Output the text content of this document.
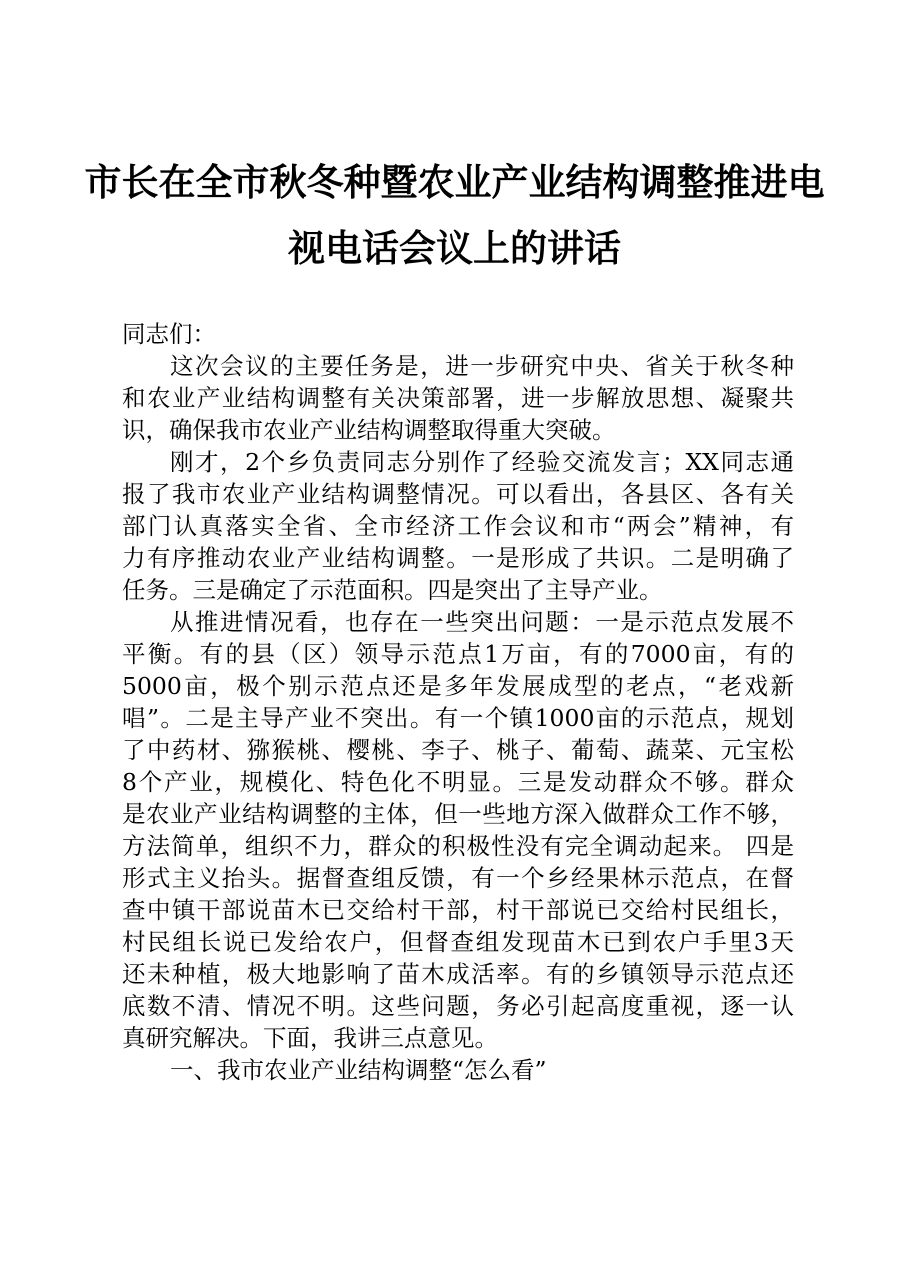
市长在全市秋冬种暨农业产业结构调整推进电
视电话会议上的讲话
同志们：
这次会议的主要任务是，进一步研究中央、省关于秋冬种
和农业产业结构调整有关决策部署，进一步解放思想、凝聚共
识，确保我市农业产业结构调整取得重大突破。
刚才，2个乡负责同志分别作了经验交流发言；XX同志通
报了我市农业产业结构调整情况。可以看出，各县区、各有关
部门认真落实全省、全市经济工作会议和市“两会”精神，有
力有序推动农业产业结构调整。一是形成了共识。二是明确了
任务。三是确定了示范面积。四是突出了主导产业。
从推进情况看，也存在一些突出问题：一是示范点发展不
平衡。有的县（区）领导示范点1万亩，有的7000亩，有的
5000亩，极个别示范点还是多年发展成型的老点，“老戏新
唱”。二是主导产业不突出。有一个镇1000亩的示范点，规划
了中药材、猕猴桃、樱桃、李子、桃子、葡萄、蔬菜、元宝松
8个产业，规模化、特色化不明显。三是发动群众不够。群众
是农业产业结构调整的主体，但一些地方深入做群众工作不够，
方法简单，组织不力，群众的积极性没有完全调动起来。 四是
形式主义抬头。据督查组反馈，有一个乡经果林示范点，在督
查中镇干部说苗木已交给村干部，村干部说已交给村民组长，
村民组长说已发给农户，但督查组发现苗木已到农户手里3天
还未种植，极大地影响了苗木成活率。有的乡镇领导示范点还
底数不清、情况不明。这些问题，务必引起高度重视，逐一认
真研究解决。下面，我讲三点意见。
一、我市农业产业结构调整“怎么看”
